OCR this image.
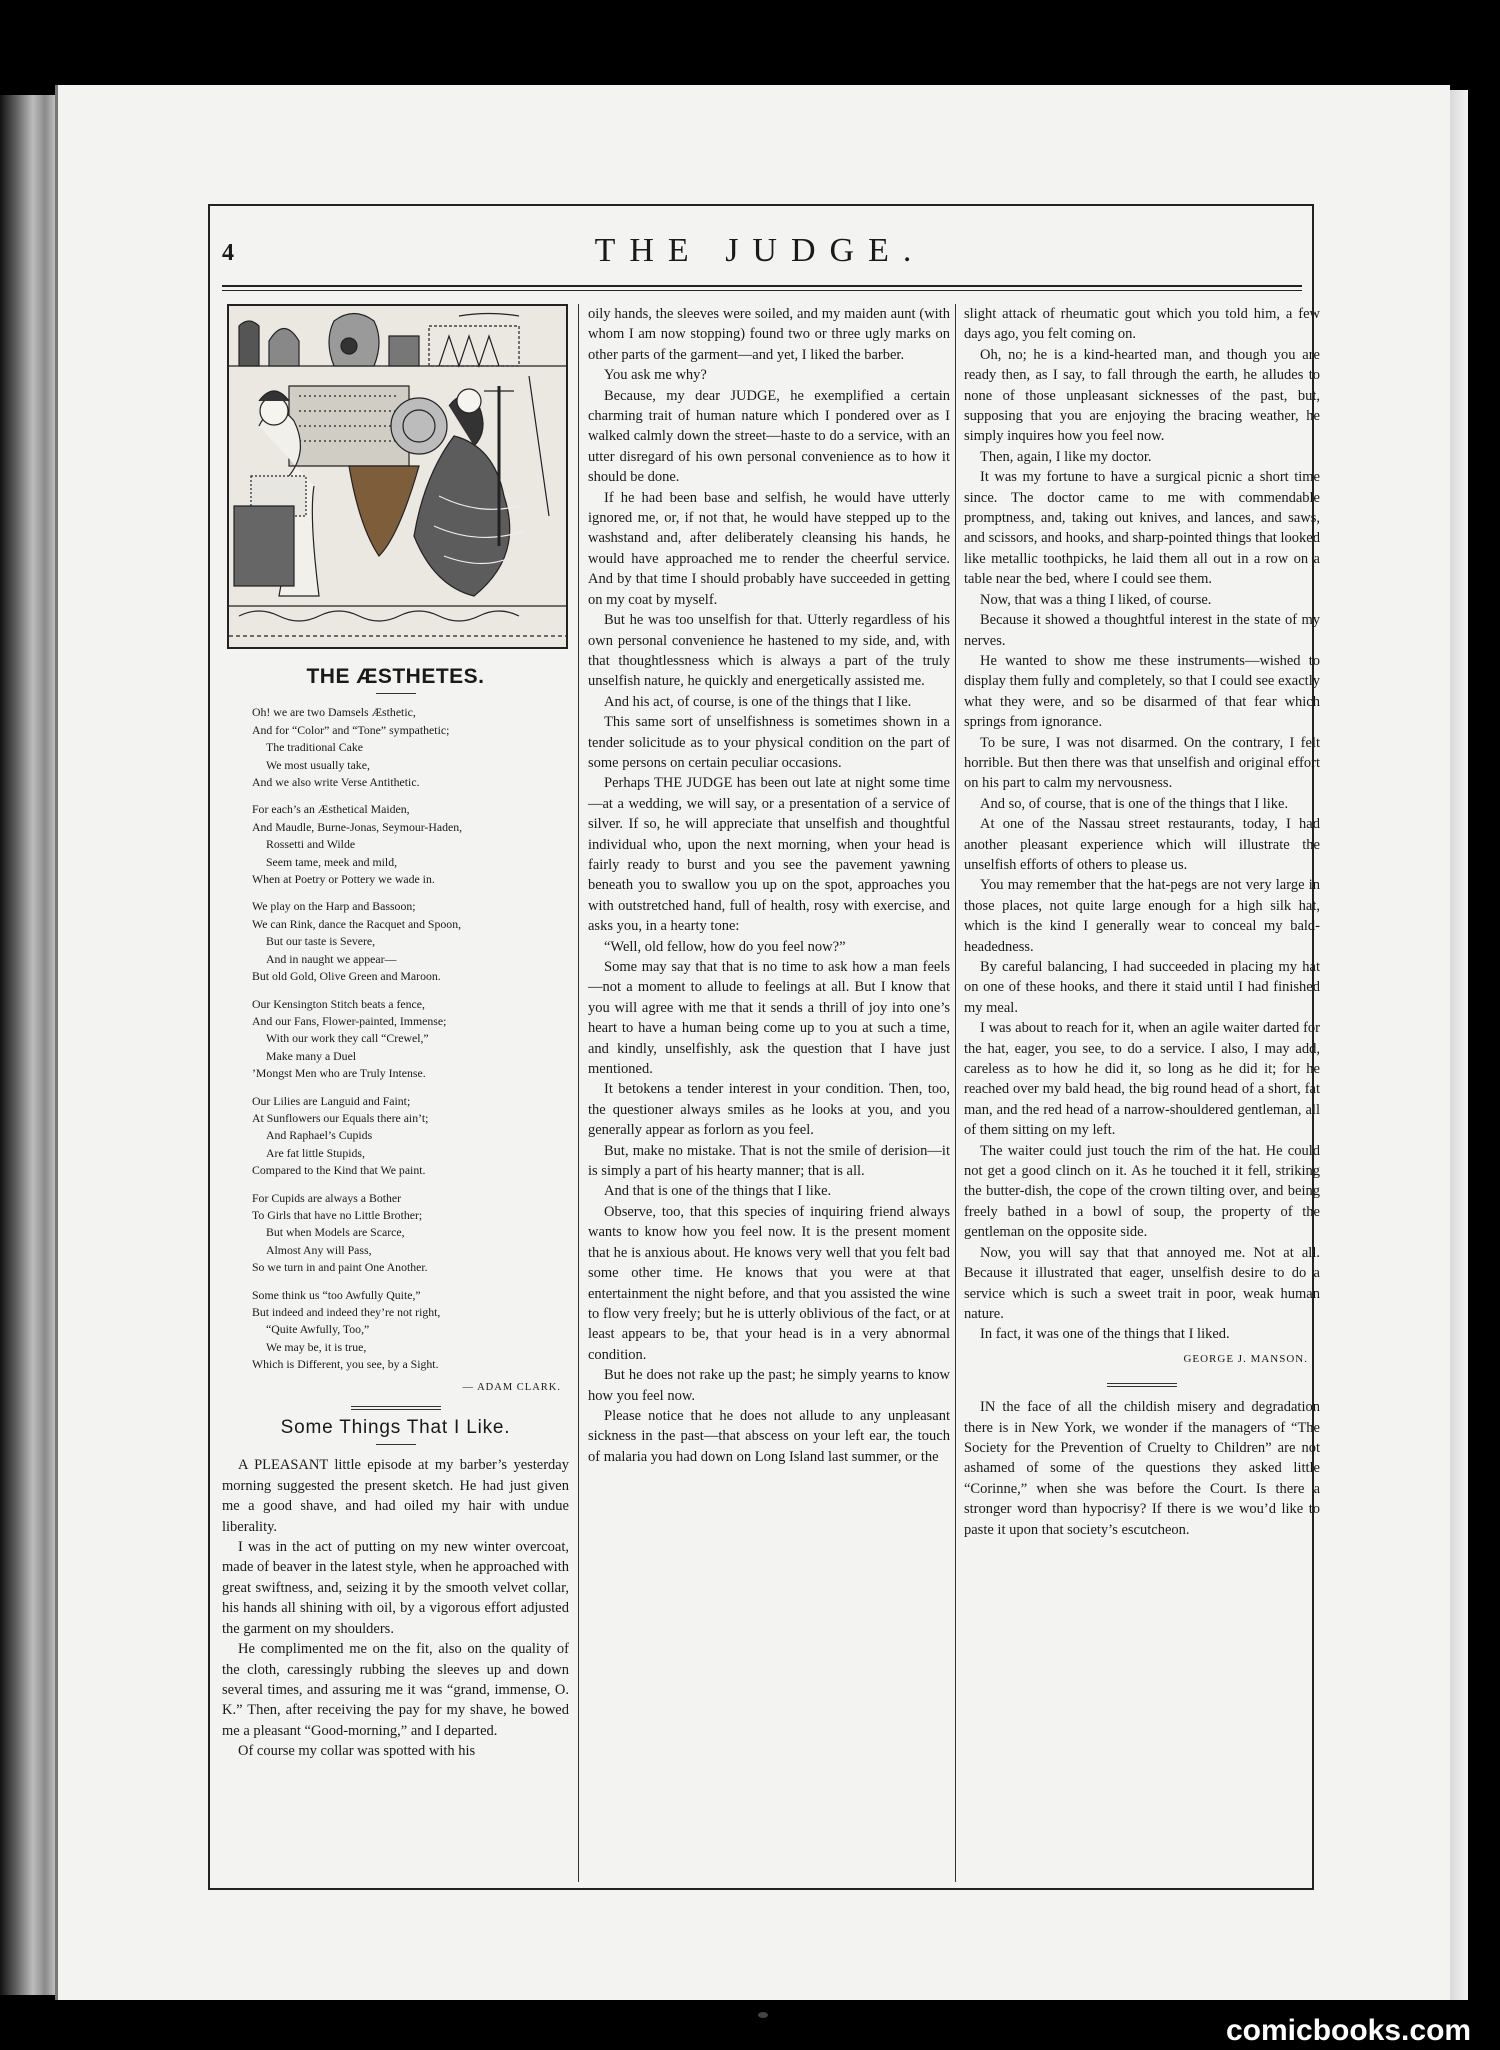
4	THE JUDGE.
THE ÆSTHETES.
Oh! we are two Damsels Æsthetic,
And for “Color” and “Tone” sympathetic;
The traditional Cake
We most usually take,
And we also write Verse Antithetic.
For each’s an Æsthetical Maiden,
And Maudle, Burne-Jonas, Seymour-Haden,
Rossetti and Wilde
Seem tame, meek and mild,
When at Poetry or Pottery we wade in.
We play on the Harp and Bassoon;
We can Rink, dance the Racquet and Spoon,
But our taste is Severe,
And in naught we appear—
But old Gold, Olive Green and Maroon.
Our Kensington Stitch beats a fence,
And our Fans, Flower-painted, Immense;
With our work they call “Crewel,”
Make many a Duel
’Mongst Men who are Truly Intense.
Our Lilies are Languid and Faint;
At Sunflowers our Equals there ain’t;
And Raphael’s Cupids
Are fat little Stupids,
Compared to the Kind that We paint.
For Cupids are always a Bother
To Girls that have no Little Brother;
But when Models are Scarce,
Almost Any will Pass,
So we turn in and paint One Another.
Some think us “too Awfully Quite,”
But indeed and indeed they’re not right,
“Quite Awfully, Too,”
We may be, it is true,
Which is Different, you see, by a Sight.
— ADAM CLARK.
Some Things That I Like.

A PLEASANT little episode at my barber’s yesterday morning suggested the present sketch. He had just given me a good shave, and had oiled my hair with undue liberality.

I was in the act of putting on my new winter overcoat, made of beaver in the latest style, when he approached with great swiftness, and, seizing it by the smooth velvet collar, his hands all shining with oil, by a vigorous effort adjusted the garment on my shoulders.

He complimented me on the fit, also on the quality of the cloth, caressingly rubbing the sleeves up and down several times, and assuring me it was “grand, immense, O. K.” Then, after receiving the pay for my shave, he bowed me a pleasant “Good-morning,” and I departed.

Of course my collar was spotted with his

oily hands, the sleeves were soiled, and my maiden aunt (with whom I am now stopping) found two or three ugly marks on other parts of the garment—and yet, I liked the barber.

You ask me why?

Because, my dear JUDGE, he exemplified a certain charming trait of human nature which I pondered over as I walked calmly down the street—haste to do a service, with an utter disregard of his own personal convenience as to how it should be done.

If he had been base and selfish, he would have utterly ignored me, or, if not that, he would have stepped up to the washstand and, after deliberately cleansing his hands, he would have approached me to render the cheerful service. And by that time I should probably have succeeded in getting on my coat by myself.

But he was too unselfish for that. Utterly regardless of his own personal convenience he hastened to my side, and, with that thoughtlessness which is always a part of the truly unselfish nature, he quickly and energetically assisted me.

And his act, of course, is one of the things that I like.

This same sort of unselfishness is sometimes shown in a tender solicitude as to your physical condition on the part of some persons on certain peculiar occasions.

Perhaps THE JUDGE has been out late at night some time—at a wedding, we will say, or a presentation of a service of silver. If so, he will appreciate that unselfish and thoughtful individual who, upon the next morning, when your head is fairly ready to burst and you see the pavement yawning beneath you to swallow you up on the spot, approaches you with outstretched hand, full of health, rosy with exercise, and asks you, in a hearty tone:

“Well, old fellow, how do you feel now?”

Some may say that that is no time to ask how a man feels—not a moment to allude to feelings at all. But I know that you will agree with me that it sends a thrill of joy into one’s heart to have a human being come up to you at such a time, and kindly, unselfishly, ask the question that I have just mentioned.

It betokens a tender interest in your condition. Then, too, the questioner always smiles as he looks at you, and you generally appear as forlorn as you feel.

But, make no mistake. That is not the smile of derision—it is simply a part of his hearty manner; that is all.

And that is one of the things that I like.

Observe, too, that this species of inquiring friend always wants to know how you feel now. It is the present moment that he is anxious about. He knows very well that you felt bad some other time. He knows that you were at that entertainment the night before, and that you assisted the wine to flow very freely; but he is utterly oblivious of the fact, or at least appears to be, that your head is in a very abnormal condition.

But he does not rake up the past; he simply yearns to know how you feel now.

Please notice that he does not allude to any unpleasant sickness in the past—that abscess on your left ear, the touch of malaria you had down on Long Island last summer, or the

slight attack of rheumatic gout which you told him, a few days ago, you felt coming on.

Oh, no; he is a kind-hearted man, and though you are ready then, as I say, to fall through the earth, he alludes to none of those unpleasant sicknesses of the past, but, supposing that you are enjoying the bracing weather, he simply inquires how you feel now.

Then, again, I like my doctor.

It was my fortune to have a surgical picnic a short time since. The doctor came to me with commendable promptness, and, taking out knives, and lances, and saws, and scissors, and hooks, and sharp-pointed things that looked like metallic toothpicks, he laid them all out in a row on a table near the bed, where I could see them.

Now, that was a thing I liked, of course.

Because it showed a thoughtful interest in the state of my nerves.

He wanted to show me these instruments—wished to display them fully and completely, so that I could see exactly what they were, and so be disarmed of that fear which springs from ignorance.

To be sure, I was not disarmed. On the contrary, I felt horrible. But then there was that unselfish and original effort on his part to calm my nervousness.

And so, of course, that is one of the things that I like.

At one of the Nassau street restaurants, today, I had another pleasant experience which will illustrate the unselfish efforts of others to please us.

You may remember that the hat-pegs are not very large in those places, not quite large enough for a high silk hat, which is the kind I generally wear to conceal my bald-headedness.

By careful balancing, I had succeeded in placing my hat on one of these hooks, and there it staid until I had finished my meal.

I was about to reach for it, when an agile waiter darted for the hat, eager, you see, to do a service. I also, I may add, careless as to how he did it, so long as he did it; for he reached over my bald head, the big round head of a short, fat man, and the red head of a narrow-shouldered gentleman, all of them sitting on my left.

The waiter could just touch the rim of the hat. He could not get a good clinch on it. As he touched it it fell, striking the butter-dish, the cope of the crown tilting over, and being freely bathed in a bowl of soup, the property of the gentleman on the opposite side.

Now, you will say that that annoyed me. Not at all. Because it illustrated that eager, unselfish desire to do a service which is such a sweet trait in poor, weak human nature.

In fact, it was one of the things that I liked.

GEORGE J. MANSON.

IN the face of all the childish misery and degradation there is in New York, we wonder if the managers of “The Society for the Prevention of Cruelty to Children” are not ashamed of some of the questions they asked little “Corinne,” when she was before the Court. Is there a stronger word than hypocrisy? If there is we wou’d like to paste it upon that society’s escutcheon.

comicbooks.com
